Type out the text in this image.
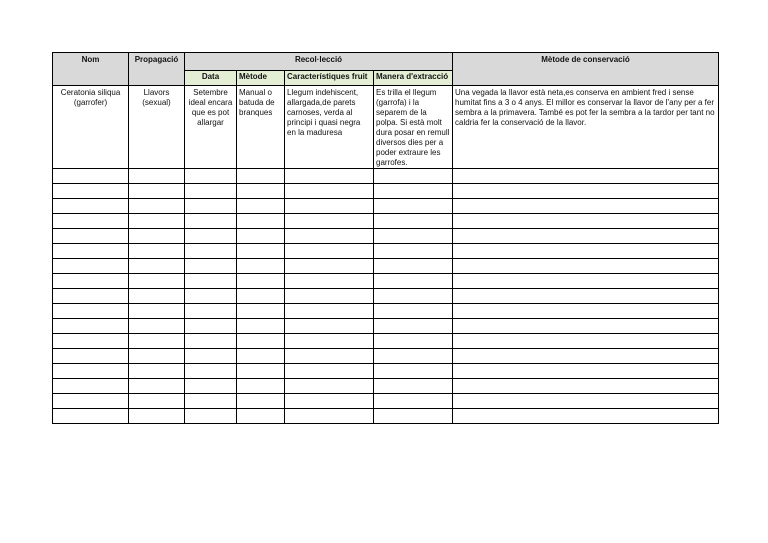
Nom	Propagació	Recol·lecció				Mètode de conservació
		Data	Mètode	Característiques fruit	Manera d'extracció	
Ceratonia siliqua (garrofer)	Llavors (sexual)	Setembre ideal encara que es pot allargar	Manual o batuda de branques	Llegum indehiscent, allargada,de parets carnoses, verda al principi i quasi negra en la maduresa	Es trilla el llegum (garrofa) i la separem de la polpa. Si està molt dura posar en remull diversos dies per a poder extraure les garrofes.	Una vegada la llavor està neta,es conserva en ambient fred i sense humitat fins a 3 o 4 anys. El millor es conservar la llavor de l'any per a fer sembra a la primavera. També es pot fer la sembra a la tardor per tant no caldria fer la conservació de la llavor.
